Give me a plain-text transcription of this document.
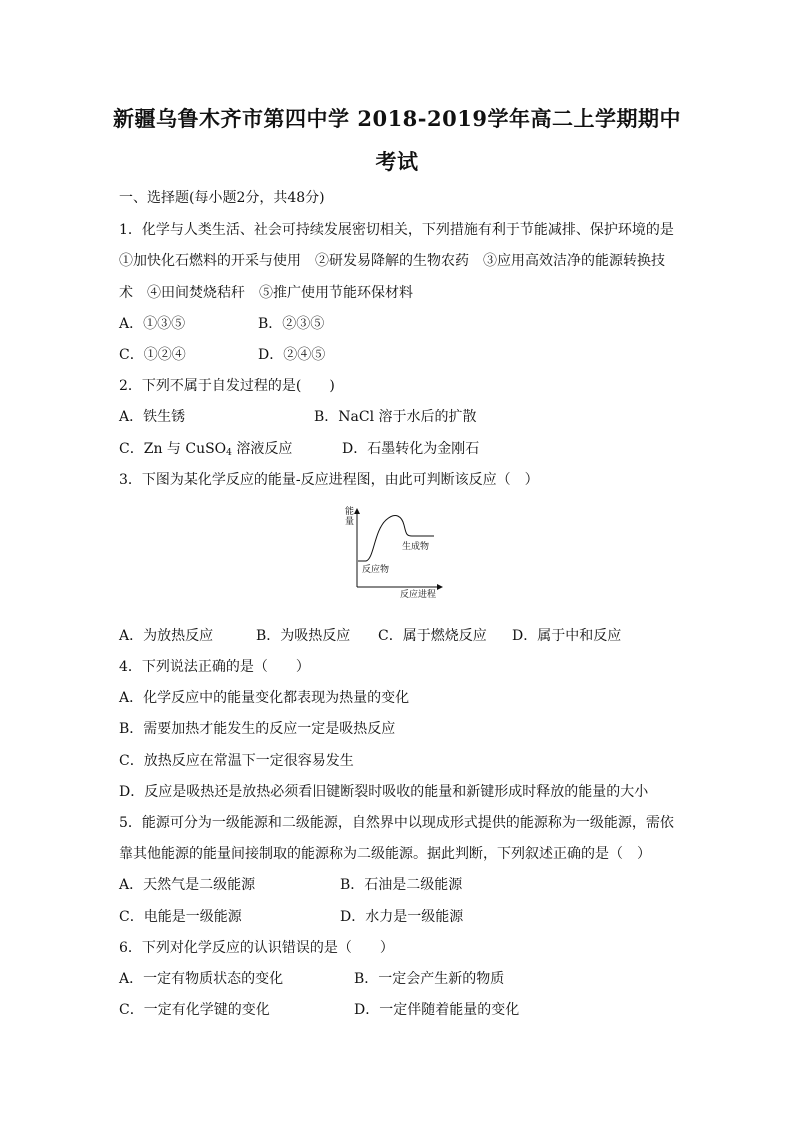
新疆乌鲁木齐市第四中学 2018-2019学年高二上学期期中
考试
一、选择题(每小题2分，共48分)
1．化学与人类生活、社会可持续发展密切相关，下列措施有利于节能减排、保护环境的是
①加快化石燃料的开采与使用　②研发易降解的生物农药　③应用高效洁净的能源转换技
术　④田间焚烧秸秆　⑤推广使用节能环保材料
A．①③⑤	B．②③⑤
C．①②④	D．②④⑤
2．下列不属于自发过程的是(　　)
A．铁生锈	B．NaCl 溶于水后的扩散
C．Zn 与 CuSO$_4$ 溶液反应	D．石墨转化为金刚石
3．下图为某化学反应的能量-反应进程图，由此可判断该反应（　）
能
量
生成物
反应物
反应进程
A．为放热反应	B．为吸热反应 C．属于燃烧反应 D．属于中和反应
4．下列说法正确的是（　　）
A．化学反应中的能量变化都表现为热量的变化
B．需要加热才能发生的反应一定是吸热反应
C．放热反应在常温下一定很容易发生
D．反应是吸热还是放热必须看旧键断裂时吸收的能量和新键形成时释放的能量的大小
5．能源可分为一级能源和二级能源，自然界中以现成形式提供的能源称为一级能源，需依
靠其他能源的能量间接制取的能源称为二级能源。据此判断，下列叙述正确的是（　）
A．天然气是二级能源	B．石油是二级能源
C．电能是一级能源	D．水力是一级能源
6．下列对化学反应的认识错误的是（　　）
A．一定有物质状态的变化	B．一定会产生新的物质
C．一定有化学键的变化	D．一定伴随着能量的变化
